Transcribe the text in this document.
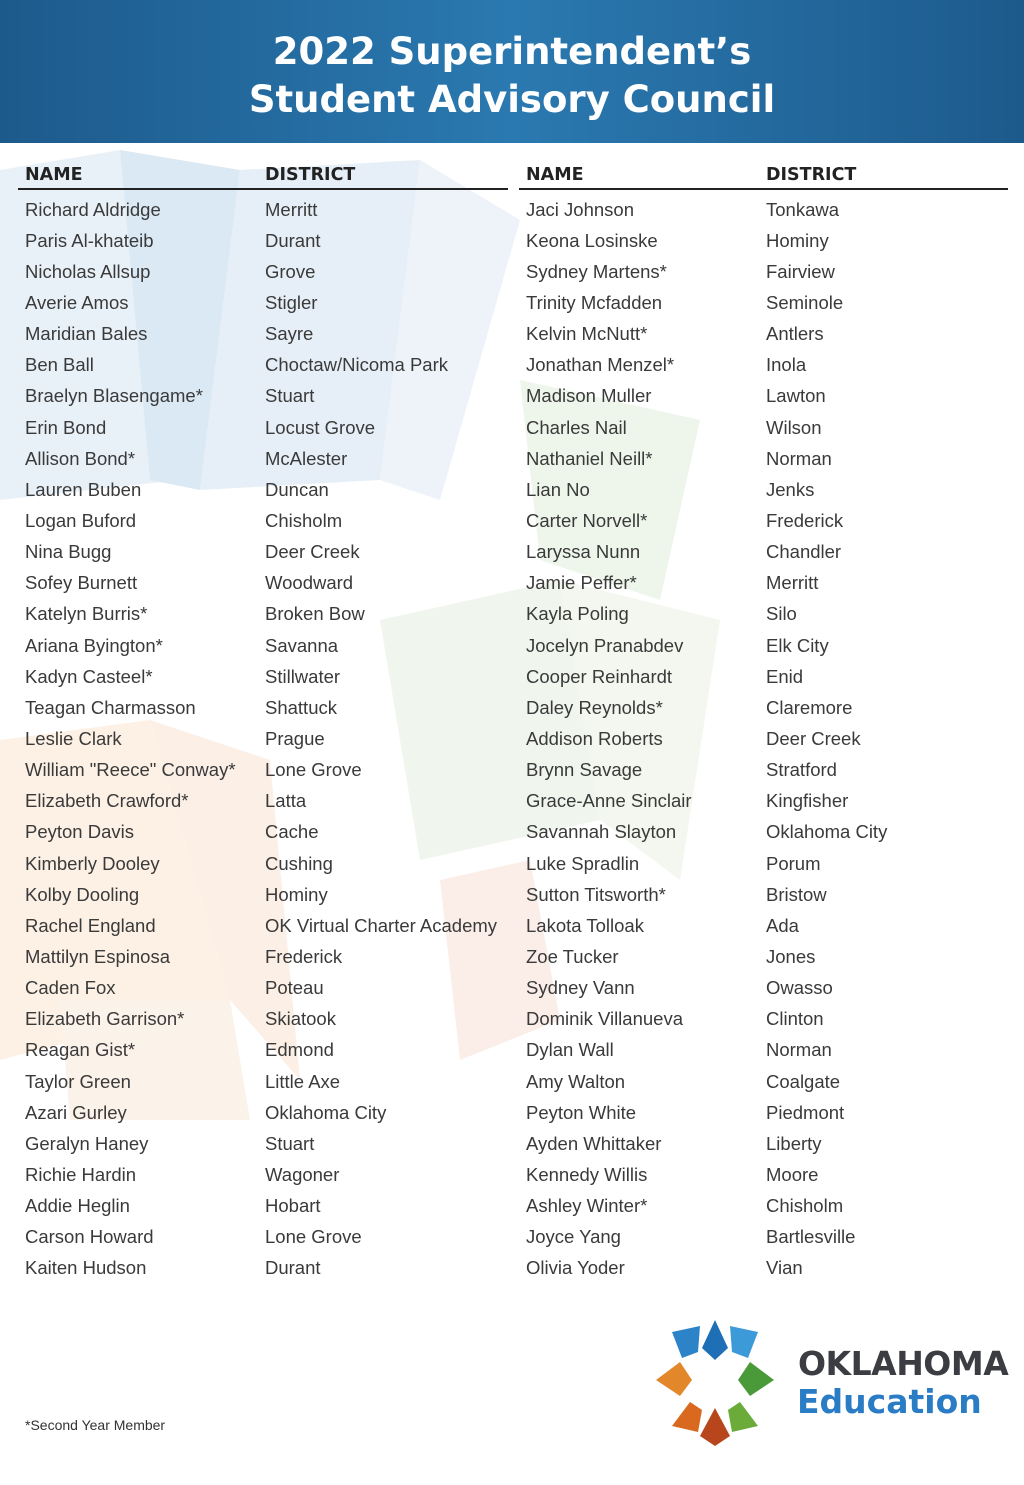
2022 Superintendent’s
Student Advisory Council
NAME	DISTRICT
Richard Aldridge	Merritt
Paris Al-khateib	Durant
Nicholas Allsup	Grove
Averie Amos	Stigler
Maridian Bales	Sayre
Ben Ball	Choctaw/Nicoma Park
Braelyn Blasengame*	Stuart
Erin Bond	Locust Grove
Allison Bond*	McAlester
Lauren Buben	Duncan
Logan Buford	Chisholm
Nina Bugg	Deer Creek
Sofey Burnett	Woodward
Katelyn Burris*	Broken Bow
Ariana Byington*	Savanna
Kadyn Casteel*	Stillwater
Teagan Charmasson	Shattuck
Leslie Clark	Prague
William "Reece" Conway*	Lone Grove
Elizabeth Crawford*	Latta
Peyton Davis	Cache
Kimberly Dooley	Cushing
Kolby Dooling	Hominy
Rachel England	OK Virtual Charter Academy
Mattilyn Espinosa	Frederick
Caden Fox	Poteau
Elizabeth Garrison*	Skiatook
Reagan Gist*	Edmond
Taylor Green	Little Axe
Azari Gurley	Oklahoma City
Geralyn Haney	Stuart
Richie Hardin	Wagoner
Addie Heglin	Hobart
Carson Howard	Lone Grove
Kaiten Hudson	Durant
NAME	DISTRICT
Jaci Johnson	Tonkawa
Keona Losinske	Hominy
Sydney Martens*	Fairview
Trinity Mcfadden	Seminole
Kelvin McNutt*	Antlers
Jonathan Menzel*	Inola
Madison Muller	Lawton
Charles Nail	Wilson
Nathaniel Neill*	Norman
Lian No	Jenks
Carter Norvell*	Frederick
Laryssa Nunn	Chandler
Jamie Peffer*	Merritt
Kayla Poling	Silo
Jocelyn Pranabdev	Elk City
Cooper Reinhardt	Enid
Daley Reynolds*	Claremore
Addison Roberts	Deer Creek
Brynn Savage	Stratford
Grace-Anne Sinclair	Kingfisher
Savannah Slayton	Oklahoma City
Luke Spradlin	Porum
Sutton Titsworth*	Bristow
Lakota Tolloak	Ada
Zoe Tucker	Jones
Sydney Vann	Owasso
Dominik Villanueva	Clinton
Dylan Wall	Norman
Amy Walton	Coalgate
Peyton White	Piedmont
Ayden Whittaker	Liberty
Kennedy Willis	Moore
Ashley Winter*	Chisholm
Joyce Yang	Bartlesville
Olivia Yoder	Vian
*Second Year Member
OKLAHOMA
Education
